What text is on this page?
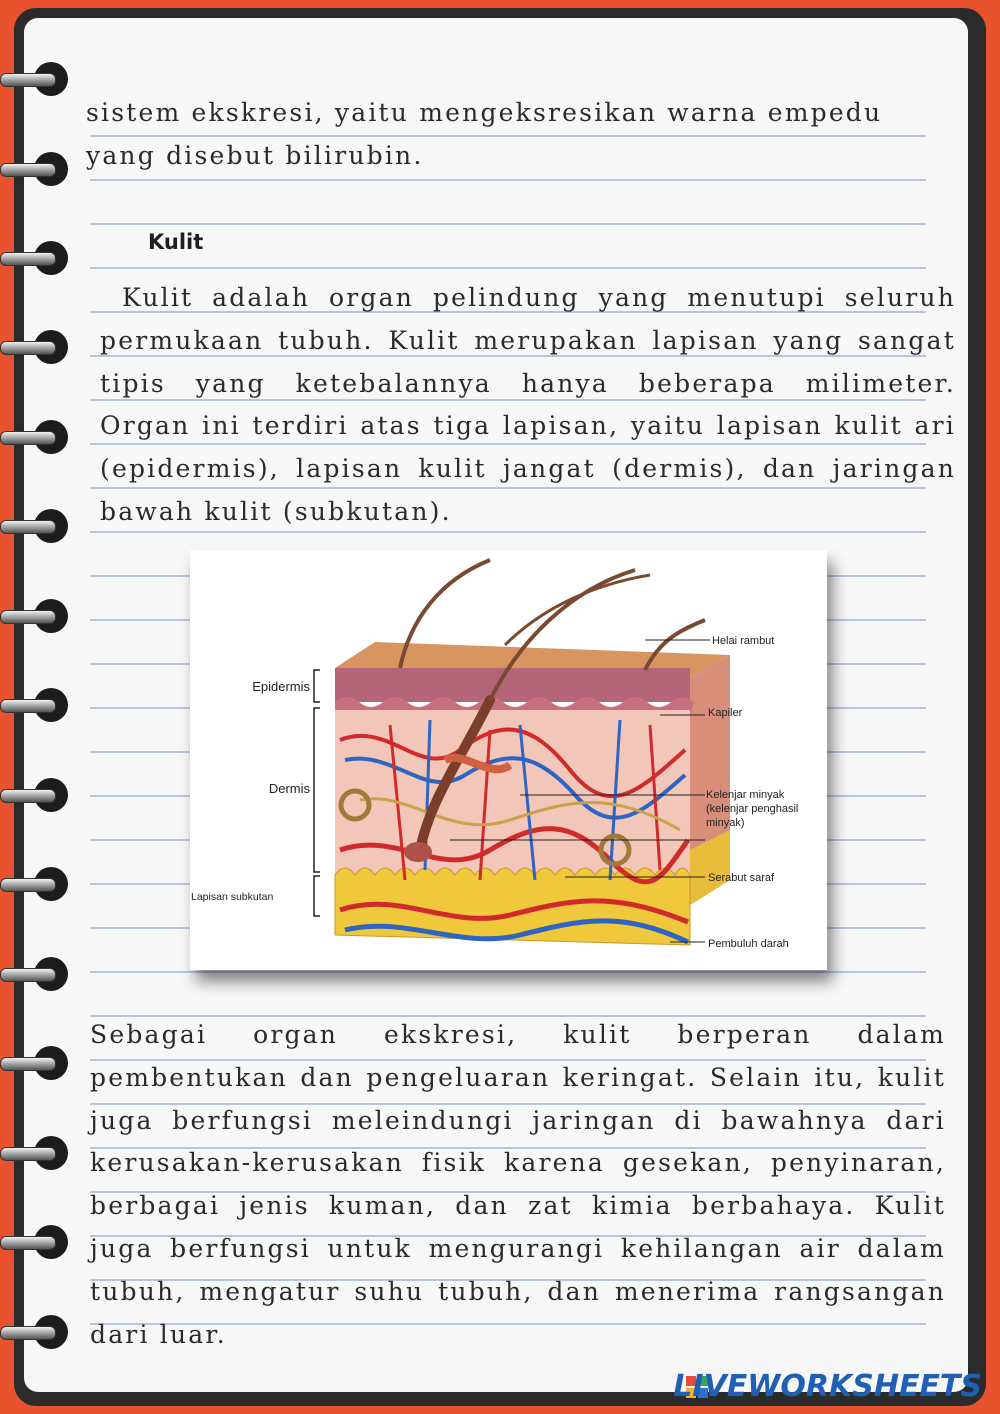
sistem ekskresi, yaitu mengeksresikan warna empedu yang disebut bilirubin.

Kulit

Kulit adalah organ pelindung yang menutupi seluruh permukaan tubuh. Kulit merupakan lapisan yang sangat tipis yang ketebalannya hanya beberapa milimeter. Organ ini terdiri atas tiga lapisan, yaitu lapisan kulit ari (epidermis), lapisan kulit jangat (dermis), dan jaringan bawah kulit (subkutan).

Epidermis
Dermis
Lapisan subkutan
Helai rambut
Kapiler
Kelenjar minyak
(kelenjar penghasil
minyak)
Serabut saraf
Pembuluh darah

Sebagai organ ekskresi, kulit berperan dalam pembentukan dan pengeluaran keringat. Selain itu, kulit juga berfungsi meleindungi jaringan di bawahnya dari kerusakan-kerusakan fisik karena gesekan, penyinaran, berbagai jenis kuman, dan zat kimia berbahaya. Kulit juga berfungsi untuk mengurangi kehilangan air dalam tubuh, mengatur suhu tubuh, dan menerima rangsangan dari luar.

LIVEWORKSHEETS
